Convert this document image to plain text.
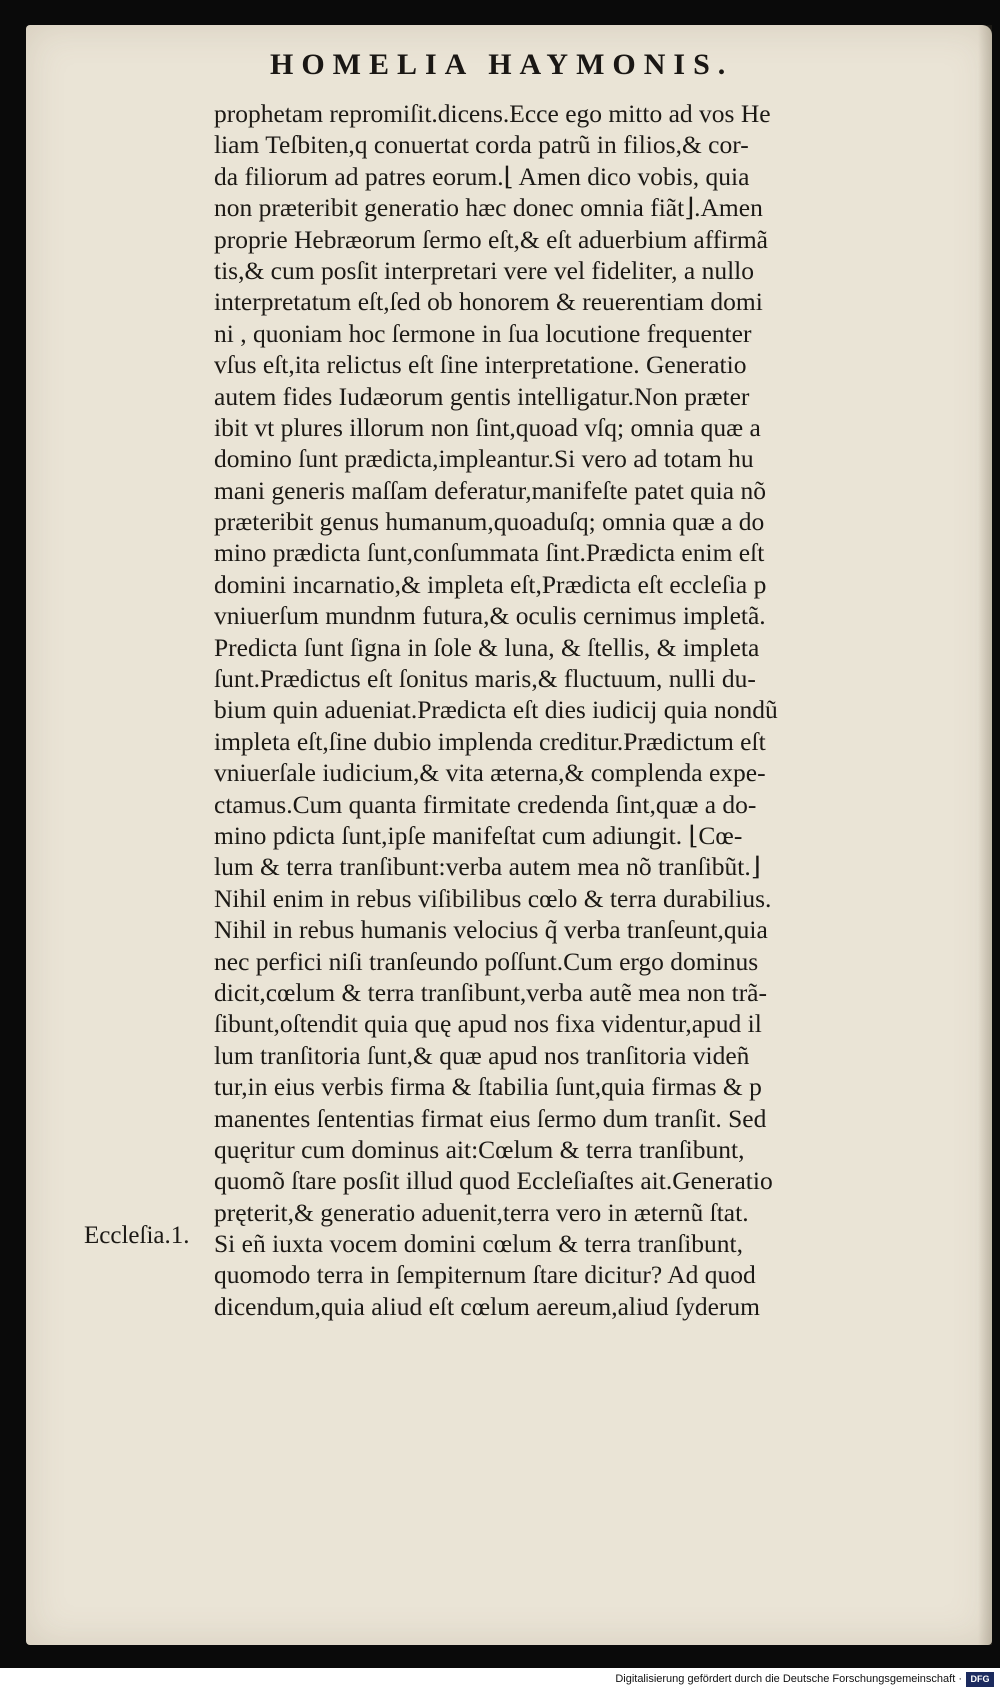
HOMELIA HAYMONIS.
prophetam repromiſit.dicens.Ecce ego mitto ad vos He
liam Teſbiten,q conuertat corda patrũ in filios,& cor-
da filiorum ad patres eorum.⌊ Amen dico vobis, quia
non præteribit generatio hæc donec omnia fiãt⌋.Amen
proprie Hebræorum ſermo eſt,& eſt aduerbium affirmã
tis,& cum posſit interpretari vere vel fideliter, a nullo
interpretatum eſt,ſed ob honorem & reuerentiam domi
ni , quoniam hoc ſermone in ſua locutione frequenter
vſus eſt,ita relictus eſt ſine interpretatione. Generatio
autem fides Iudæorum gentis intelligatur.Non præter
ibit vt plures illorum non ſint,quoad vſq; omnia quæ a
domino ſunt prædicta,impleantur.Si vero ad totam hu
mani generis maſſam deferatur,manifeſte patet quia nõ
præteribit genus humanum,quoaduſq; omnia quæ a do
mino prædicta ſunt,conſummata ſint.Prædicta enim eſt
domini incarnatio,& impleta eſt,Prædicta eſt eccleſia p
vniuerſum mundnm futura,& oculis cernimus impletã.
Predicta ſunt ſigna in ſole & luna, & ſtellis, & impleta
ſunt.Prædictus eſt ſonitus maris,& fluctuum, nulli du-
bium quin adueniat.Prædicta eſt dies iudicij quia nondũ
impleta eſt,ſine dubio implenda creditur.Prædictum eſt
vniuerſale iudicium,& vita æterna,& complenda expe-
ctamus.Cum quanta firmitate credenda ſint,quæ a do-
mino pdicta ſunt,ipſe manifeſtat cum adiungit. ⌊Cœ-
lum & terra tranſibunt:verba autem mea nõ tranſibũt.⌋
Nihil enim in rebus viſibilibus cœlo & terra durabilius.
Nihil in rebus humanis velocius q̃ verba tranſeunt,quia
nec perfici niſi tranſeundo poſſunt.Cum ergo dominus
dicit,cœlum & terra tranſibunt,verba autẽ mea non trã-
ſibunt,oſtendit quia quę apud nos fixa videntur,apud il
lum tranſitoria ſunt,& quæ apud nos tranſitoria videñ
tur,in eius verbis firma & ſtabilia ſunt,quia firmas & p
manentes ſententias firmat eius ſermo dum tranſit. Sed
quęritur cum dominus ait:Cœlum & terra tranſibunt,
quomõ ſtare posſit illud quod Eccleſiaſtes ait.Generatio
pręterit,& generatio aduenit,terra vero in æternũ ſtat.
Si eñ iuxta vocem domini cœlum & terra tranſibunt,
quomodo terra in ſempiternum ſtare dicitur? Ad quod
dicendum,quia aliud eſt cœlum aereum,aliud ſyderum
Eccleſia.1.
Digitalisierung gefördert durch die Deutsche Forschungsgemeinschaft · DFG
